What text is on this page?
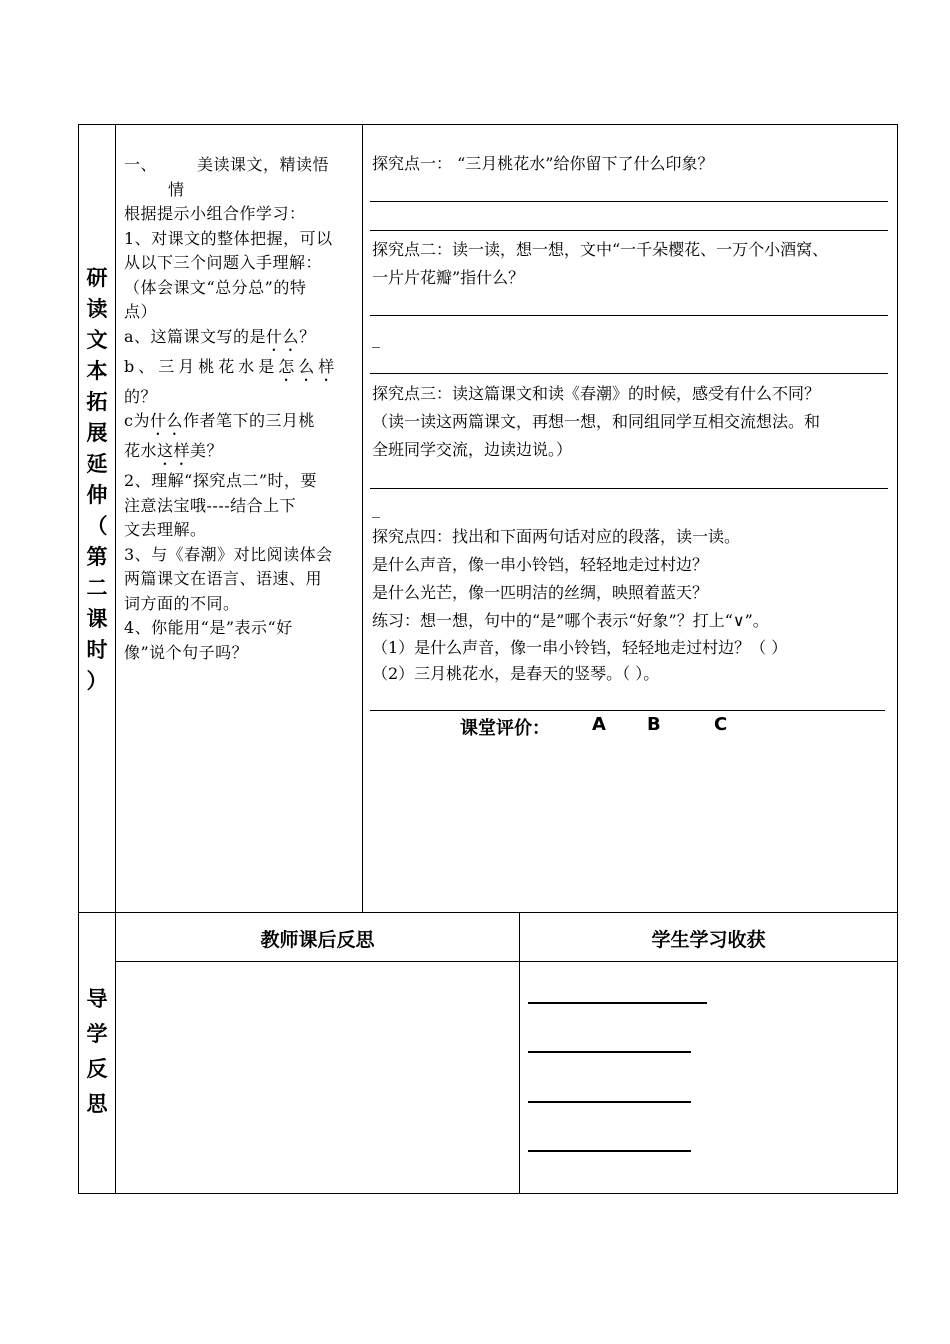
研
读
文
本
拓
展
延
伸
（
第
二
课
时
）
一、	美读课文，精读悟
情
根据提示小组合作学习：
1、对课文的整体把握，可以
从以下三个问题入手理解：
（体会课文“总分总”的特
点）
a、这篇课文写的是什么？
b、三月桃花水是怎么样
的？
c为什么作者笔下的三月桃
花水这样美？
2、理解“探究点二”时，要
注意法宝哦----结合上下
文去理解。
3、与《春潮》对比阅读体会
两篇课文在语言、语速、用
词方面的不同。
4、你能用“是”表示“好
像”说个句子吗？
探究点一： “三月桃花水”给你留下了什么印象？
探究点二：读一读，想一想，文中“一千朵樱花、一万个小酒窝、
一片片花瓣”指什么？
_
探究点三：读这篇课文和读《春潮》的时候，感受有什么不同？
（读一读这两篇课文，再想一想，和同组同学互相交流想法。和
全班同学交流，边读边说。）
_
探究点四：找出和下面两句话对应的段落，读一读。
是什么声音，像一串小铃铛，轻轻地走过村边？
是什么光芒，像一匹明洁的丝绸，映照着蓝天？
练习：想一想，句中的“是”哪个表示“好象”？打上“∨”。
（1）是什么声音，像一串小铃铛，轻轻地走过村边？（ ）
（2）三月桃花水，是春天的竖琴。（ ）。
课堂评价： A B	C
导
学
反
思
教师课后反思	学生学习收获
